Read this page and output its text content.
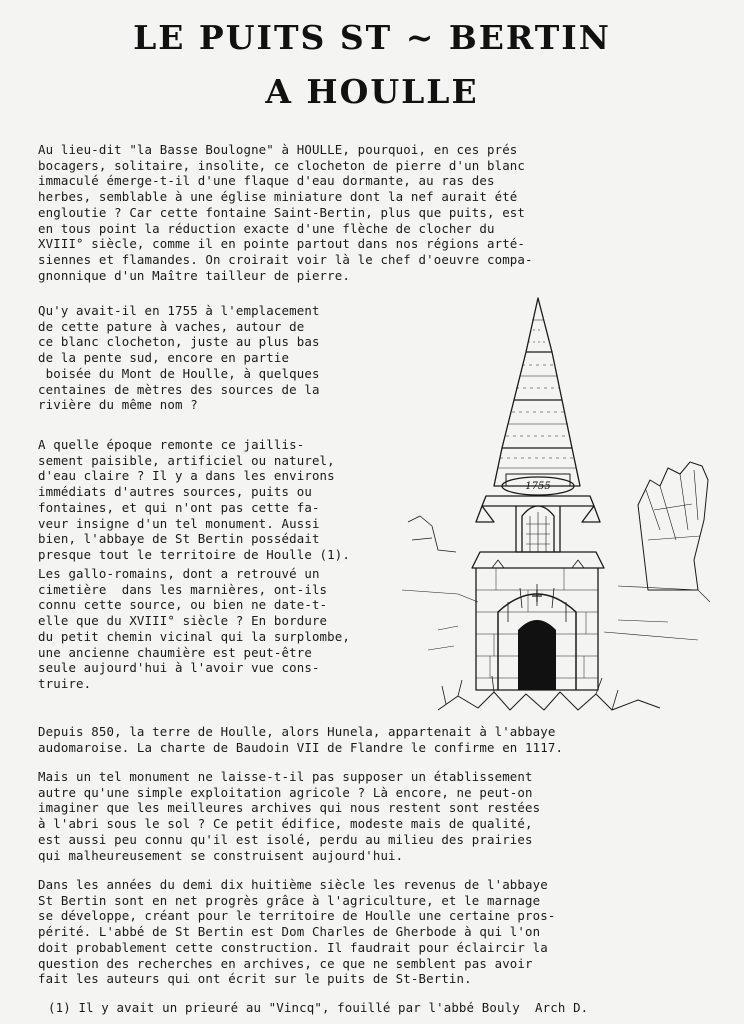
LE PUITS ST ~ BERTIN
A HOULLE

Au lieu-dit "la Basse Boulogne" à HOULLE, pourquoi, en ces prés
bocagers, solitaire, insolite, ce clocheton de pierre d'un blanc
immaculé émerge-t-il d'une flaque d'eau dormante, au ras des
herbes, semblable à une église miniature dont la nef aurait été
engloutie ? Car cette fontaine Saint-Bertin, plus que puits, est
en tous point la réduction exacte d'une flèche de clocher du
XVIII° siècle, comme il en pointe partout dans nos régions arté-
siennes et flamandes. On croirait voir là le chef d'oeuvre compa-
gnonnique d'un Maître tailleur de pierre.

Qu'y avait-il en 1755 à l'emplacement
de cette pature à vaches, autour de
ce blanc clocheton, juste au plus bas
de la pente sud, encore en partie
boisée du Mont de Houlle, à quelques
centaines de mètres des sources de la
rivière du même nom ?

A quelle époque remonte ce jaillis-
sement paisible, artificiel ou naturel,
d'eau claire ? Il y a dans les environs
immédiats d'autres sources, puits ou
fontaines, et qui n'ont pas cette fa-
veur insigne d'un tel monument. Aussi
bien, l'abbaye de St Bertin possédait
presque tout le territoire de Houlle (1).

Les gallo-romains, dont a retrouvé un
cimetière  dans les marnières, ont-ils
connu cette source, ou bien ne date-t-
elle que du XVIII° siècle ? En bordure
du petit chemin vicinal qui la surplombe,
une ancienne chaumière est peut-être
seule aujourd'hui à l'avoir vue cons-
truire.

Depuis 850, la terre de Houlle, alors Hunela, appartenait à l'abbaye
audomaroise. La charte de Baudoin VII de Flandre le confirme en 1117.

Mais un tel monument ne laisse-t-il pas supposer un établissement
autre qu'une simple exploitation agricole ? Là encore, ne peut-on
imaginer que les meilleures archives qui nous restent sont restées
à l'abri sous le sol ? Ce petit édifice, modeste mais de qualité,
est aussi peu connu qu'il est isolé, perdu au milieu des prairies
qui malheureusement se construisent aujourd'hui.

Dans les années du demi dix huitième siècle les revenus de l'abbaye
St Bertin sont en net progrès grâce à l'agriculture, et le marnage
se développe, créant pour le territoire de Houlle une certaine pros-
périté. L'abbé de St Bertin est Dom Charles de Gherbode à qui l'on
doit probablement cette construction. Il faudrait pour éclaircir la
question des recherches en archives, ce que ne semblent pas avoir
fait les auteurs qui ont écrit sur le puits de St-Bertin.

(1) Il y avait un prieuré au "Vincq", fouillé par l'abbé Bouly  Arch D.

1755
